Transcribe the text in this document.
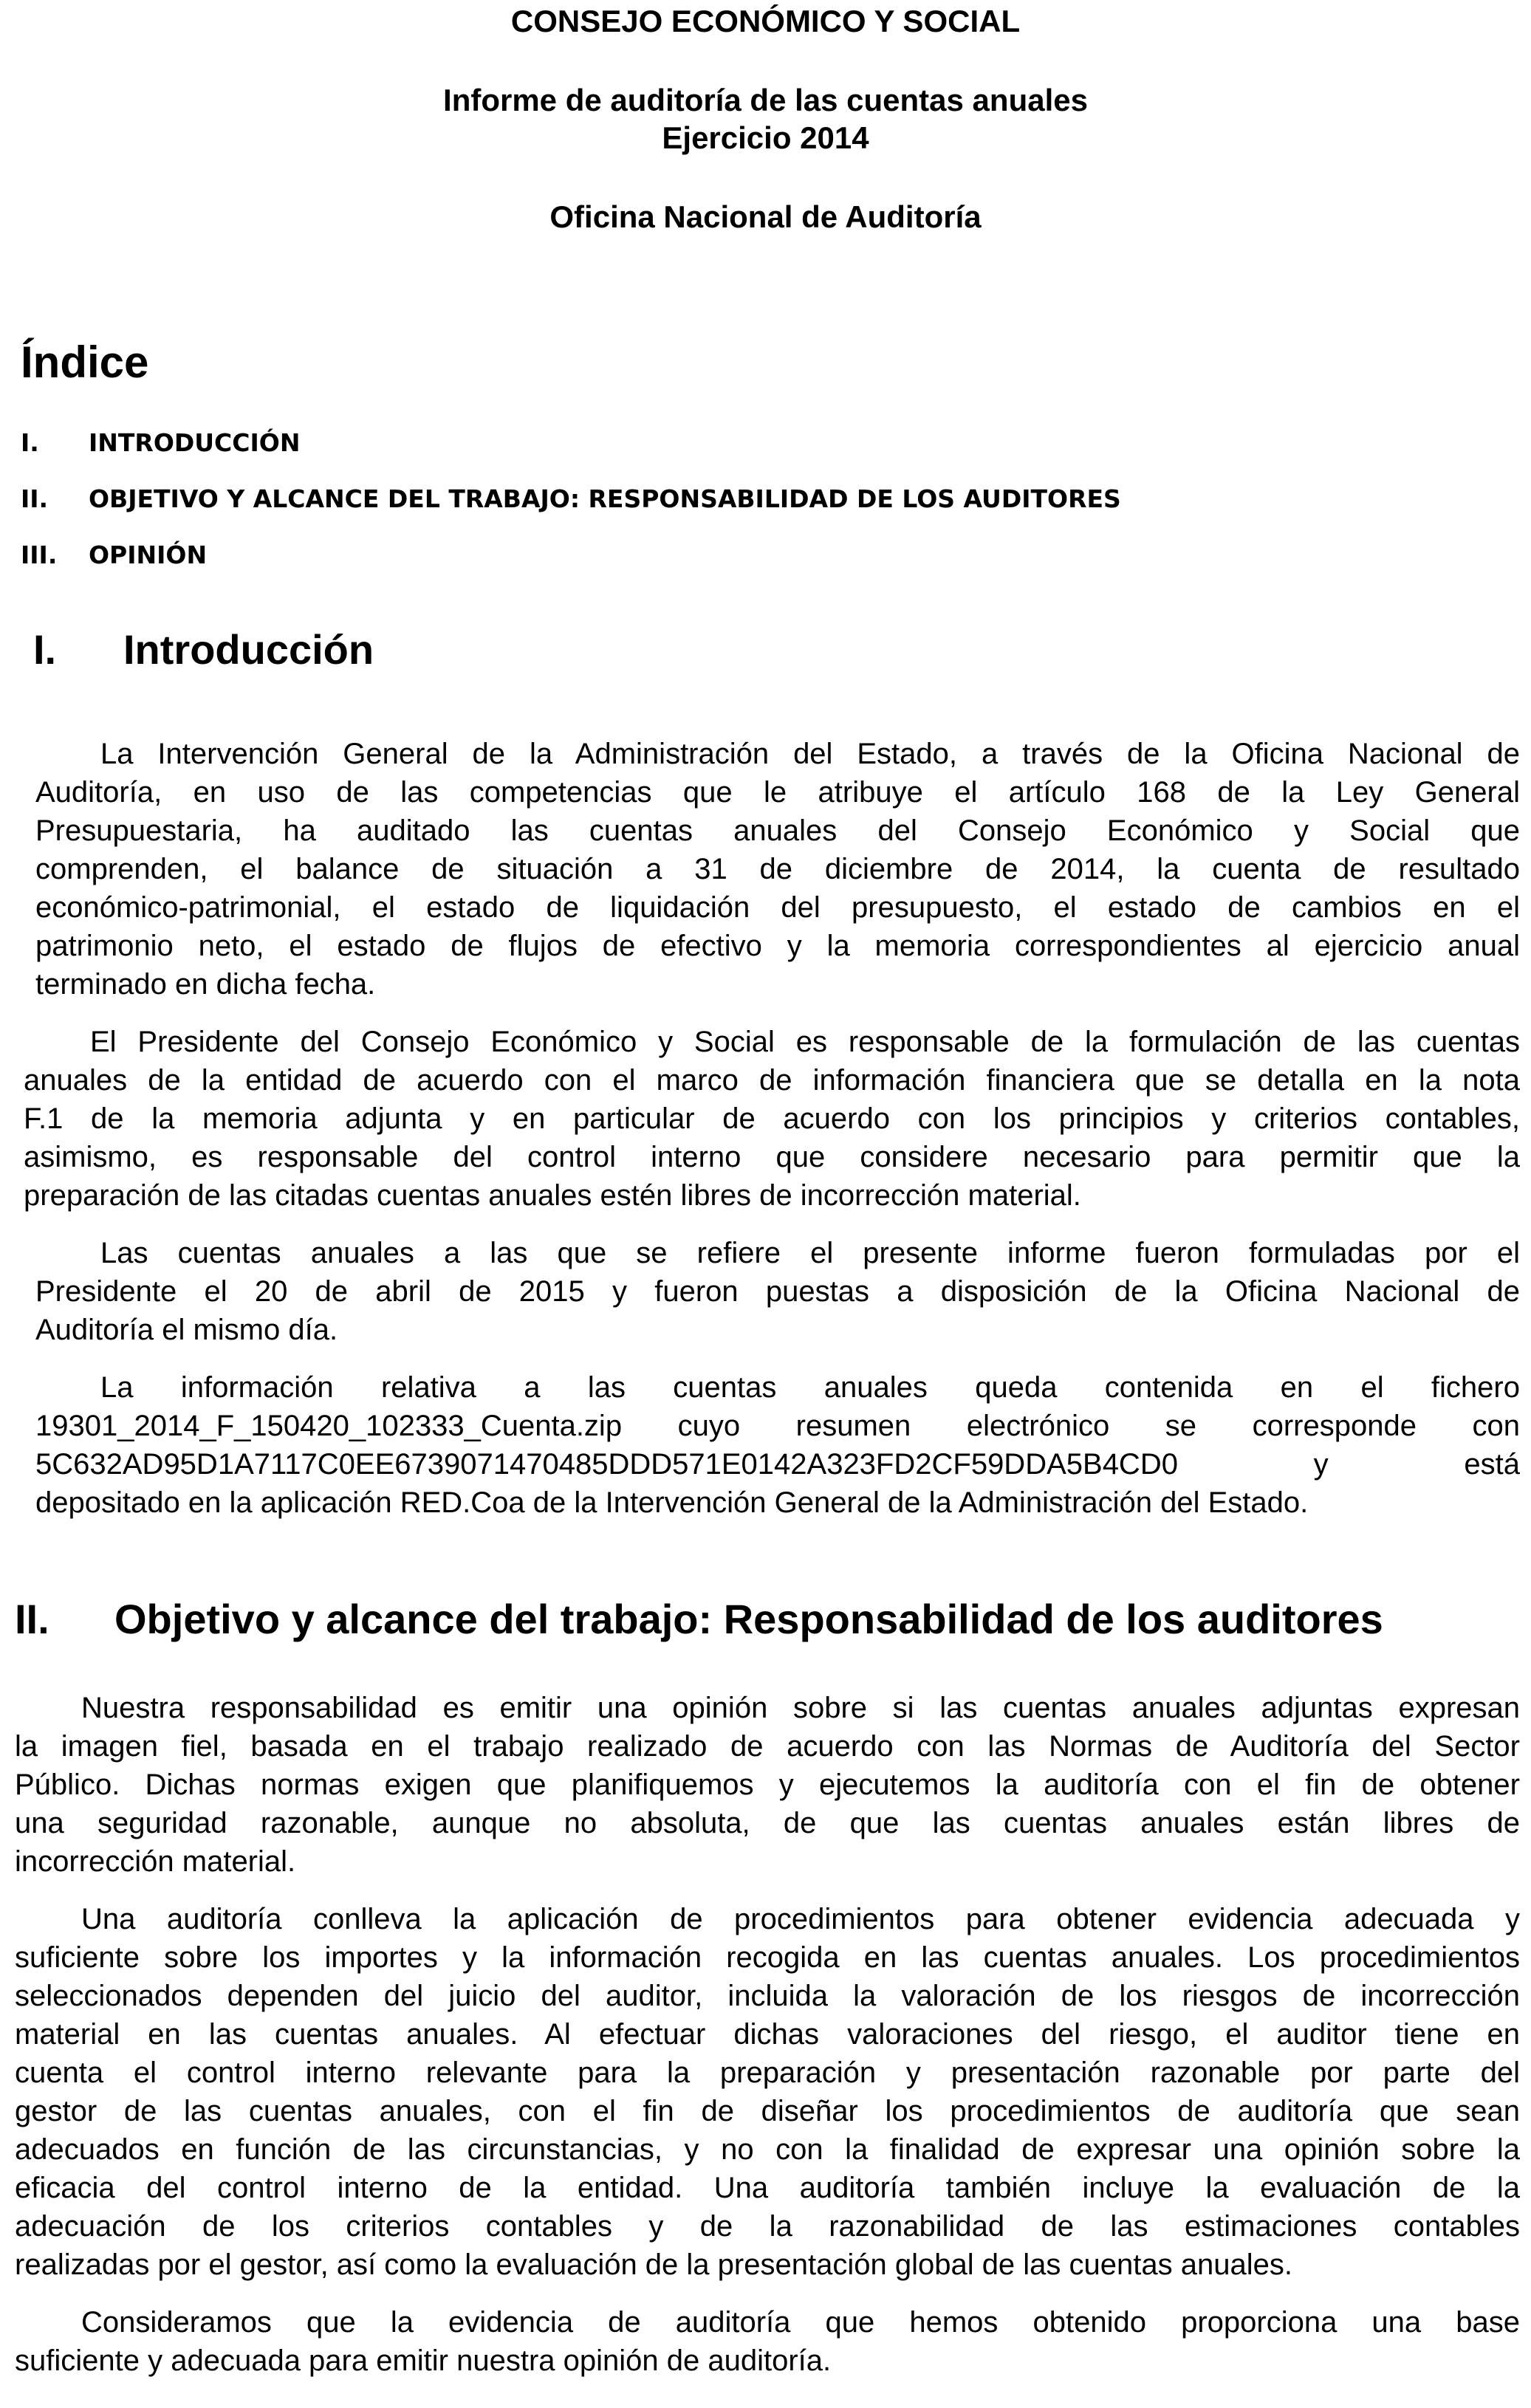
CONSEJO ECONÓMICO Y SOCIAL
Informe de auditoría de las cuentas anuales
Ejercicio 2014
Oficina Nacional de Auditoría
Índice
I. INTRODUCCIÓN
II. OBJETIVO Y ALCANCE DEL TRABAJO: RESPONSABILIDAD DE LOS AUDITORES
III. OPINIÓN
I. Introducción
La Intervención General de la Administración del Estado, a través de la Oficina Nacional de
Auditoría, en uso de las competencias que le atribuye el artículo 168 de la Ley General
Presupuestaria, ha auditado las cuentas anuales del Consejo Económico y Social que
comprenden, el balance de situación a 31 de diciembre de 2014, la cuenta de resultado
económico-patrimonial, el estado de liquidación del presupuesto, el estado de cambios en el
patrimonio neto, el estado de flujos de efectivo y la memoria correspondientes al ejercicio anual
terminado en dicha fecha.
El Presidente del Consejo Económico y Social es responsable de la formulación de las cuentas
anuales de la entidad de acuerdo con el marco de información financiera que se detalla en la nota
F.1 de la memoria adjunta y en particular de acuerdo con los principios y criterios contables,
asimismo, es responsable del control interno que considere necesario para permitir que la
preparación de las citadas cuentas anuales estén libres de incorrección material.
Las cuentas anuales a las que se refiere el presente informe fueron formuladas por el
Presidente el 20 de abril de 2015 y fueron puestas a disposición de la Oficina Nacional de
Auditoría el mismo día.
La información relativa a las cuentas anuales queda contenida en el fichero
19301_2014_F_150420_102333_Cuenta.zip cuyo resumen electrónico se corresponde con
5C632AD95D1A7117C0EE6739071470485DDD571E0142A323FD2CF59DDA5B4CD0 y está
depositado en la aplicación RED.Coa de la Intervención General de la Administración del Estado.
II. Objetivo y alcance del trabajo: Responsabilidad de los auditores
Nuestra responsabilidad es emitir una opinión sobre si las cuentas anuales adjuntas expresan
la imagen fiel, basada en el trabajo realizado de acuerdo con las Normas de Auditoría del Sector
Público. Dichas normas exigen que planifiquemos y ejecutemos la auditoría con el fin de obtener
una seguridad razonable, aunque no absoluta, de que las cuentas anuales están libres de
incorrección material.
Una auditoría conlleva la aplicación de procedimientos para obtener evidencia adecuada y
suficiente sobre los importes y la información recogida en las cuentas anuales. Los procedimientos
seleccionados dependen del juicio del auditor, incluida la valoración de los riesgos de incorrección
material en las cuentas anuales. Al efectuar dichas valoraciones del riesgo, el auditor tiene en
cuenta el control interno relevante para la preparación y presentación razonable por parte del
gestor de las cuentas anuales, con el fin de diseñar los procedimientos de auditoría que sean
adecuados en función de las circunstancias, y no con la finalidad de expresar una opinión sobre la
eficacia del control interno de la entidad. Una auditoría también incluye la evaluación de la
adecuación de los criterios contables y de la razonabilidad de las estimaciones contables
realizadas por el gestor, así como la evaluación de la presentación global de las cuentas anuales.
Consideramos que la evidencia de auditoría que hemos obtenido proporciona una base
suficiente y adecuada para emitir nuestra opinión de auditoría.
